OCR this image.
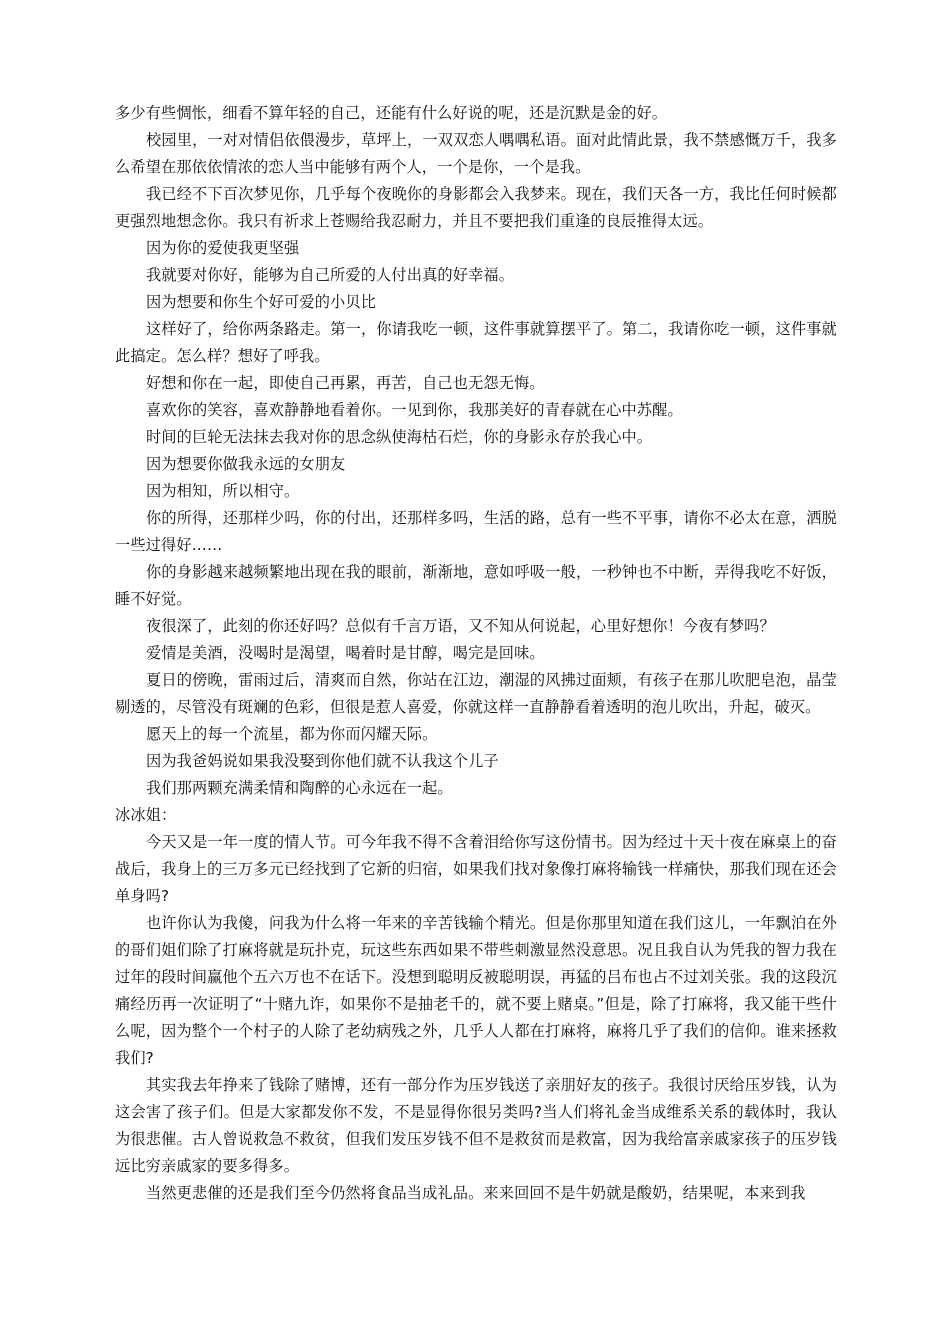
多少有些惆怅，细看不算年轻的自己，还能有什么好说的呢，还是沉默是金的好。

校园里，一对对情侣依偎漫步，草坪上，一双双恋人喁喁私语。面对此情此景，我不禁感慨万千，我多么希望在那依依情浓的恋人当中能够有两个人，一个是你，一个是我。

我已经不下百次梦见你，几乎每个夜晚你的身影都会入我梦来。现在，我们天各一方，我比任何时候都更强烈地想念你。我只有祈求上苍赐给我忍耐力，并且不要把我们重逢的良辰推得太远。

因为你的爱使我更坚强

我就要对你好，能够为自己所爱的人付出真的好幸福。

因为想要和你生个好可爱的小贝比

这样好了，给你两条路走。第一，你请我吃一顿，这件事就算摆平了。第二，我请你吃一顿，这件事就此搞定。怎么样？想好了呼我。

好想和你在一起，即使自己再累，再苦，自己也无怨无悔。

喜欢你的笑容，喜欢静静地看着你。一见到你，我那美好的青春就在心中苏醒。

时间的巨轮无法抹去我对你的思念纵使海枯石烂，你的身影永存於我心中。

因为想要你做我永远的女朋友

因为相知，所以相守。

你的所得，还那样少吗，你的付出，还那样多吗，生活的路，总有一些不平事，请你不必太在意，洒脱一些过得好……

你的身影越来越频繁地出现在我的眼前，渐渐地，意如呼吸一般，一秒钟也不中断，弄得我吃不好饭，睡不好觉。

夜很深了，此刻的你还好吗？总似有千言万语，又不知从何说起，心里好想你！今夜有梦吗？

爱情是美酒，没喝时是渴望，喝着时是甘醇，喝完是回味。

夏日的傍晚，雷雨过后，清爽而自然，你站在江边，潮湿的风拂过面颊，有孩子在那儿吹肥皂泡，晶莹剔透的，尽管没有斑斓的色彩，但很是惹人喜爱，你就这样一直静静看着透明的泡儿吹出，升起，破灭。

愿天上的每一个流星，都为你而闪耀天际。

因为我爸妈说如果我没娶到你他们就不认我这个儿子

我们那两颗充满柔情和陶醉的心永远在一起。

冰冰姐：

今天又是一年一度的情人节。可今年我不得不含着泪给你写这份情书。因为经过十天十夜在麻桌上的奋战后，我身上的三万多元已经找到了它新的归宿，如果我们找对象像打麻将输钱一样痛快，那我们现在还会单身吗?

也许你认为我傻，问我为什么将一年来的辛苦钱输个精光。但是你那里知道在我们这儿，一年飘泊在外的哥们姐们除了打麻将就是玩扑克，玩这些东西如果不带些刺激显然没意思。况且我自认为凭我的智力我在过年的段时间赢他个五六万也不在话下。没想到聪明反被聪明误，再猛的吕布也占不过刘关张。我的这段沉痛经历再一次证明了“十赌九诈，如果你不是抽老千的，就不要上赌桌。”但是，除了打麻将，我又能干些什么呢，因为整个一个村子的人除了老幼病残之外，几乎人人都在打麻将，麻将几乎了我们的信仰。谁来拯救我们?

其实我去年挣来了钱除了赌博，还有一部分作为压岁钱送了亲朋好友的孩子。我很讨厌给压岁钱，认为这会害了孩子们。但是大家都发你不发，不是显得你很另类吗?当人们将礼金当成维系关系的载体时，我认为很悲催。古人曾说救急不救贫，但我们发压岁钱不但不是救贫而是救富，因为我给富亲戚家孩子的压岁钱远比穷亲戚家的要多得多。

当然更悲催的还是我们至今仍然将食品当成礼品。来来回回不是牛奶就是酸奶，结果呢，本来到我
